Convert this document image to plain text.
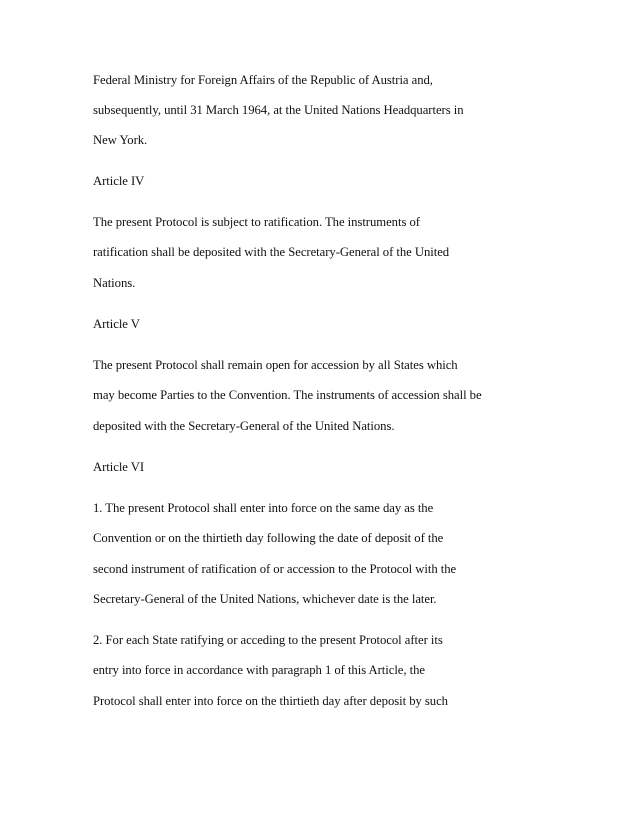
Federal Ministry for Foreign Affairs of the Republic of Austria and,

subsequently, until 31 March 1964, at the United Nations Headquarters in

New York.

Article IV

The present Protocol is subject to ratification. The instruments of

ratification shall be deposited with the Secretary-General of the United

Nations.

Article V

The present Protocol shall remain open for accession by all States which

may become Parties to the Convention. The instruments of accession shall be

deposited with the Secretary-General of the United Nations.

Article VI

1. The present Protocol shall enter into force on the same day as the

Convention or on the thirtieth day following the date of deposit of the

second instrument of ratification of or accession to the Protocol with the

Secretary-General of the United Nations, whichever date is the later.

2. For each State ratifying or acceding to the present Protocol after its

entry into force in accordance with paragraph 1 of this Article, the

Protocol shall enter into force on the thirtieth day after deposit by such
